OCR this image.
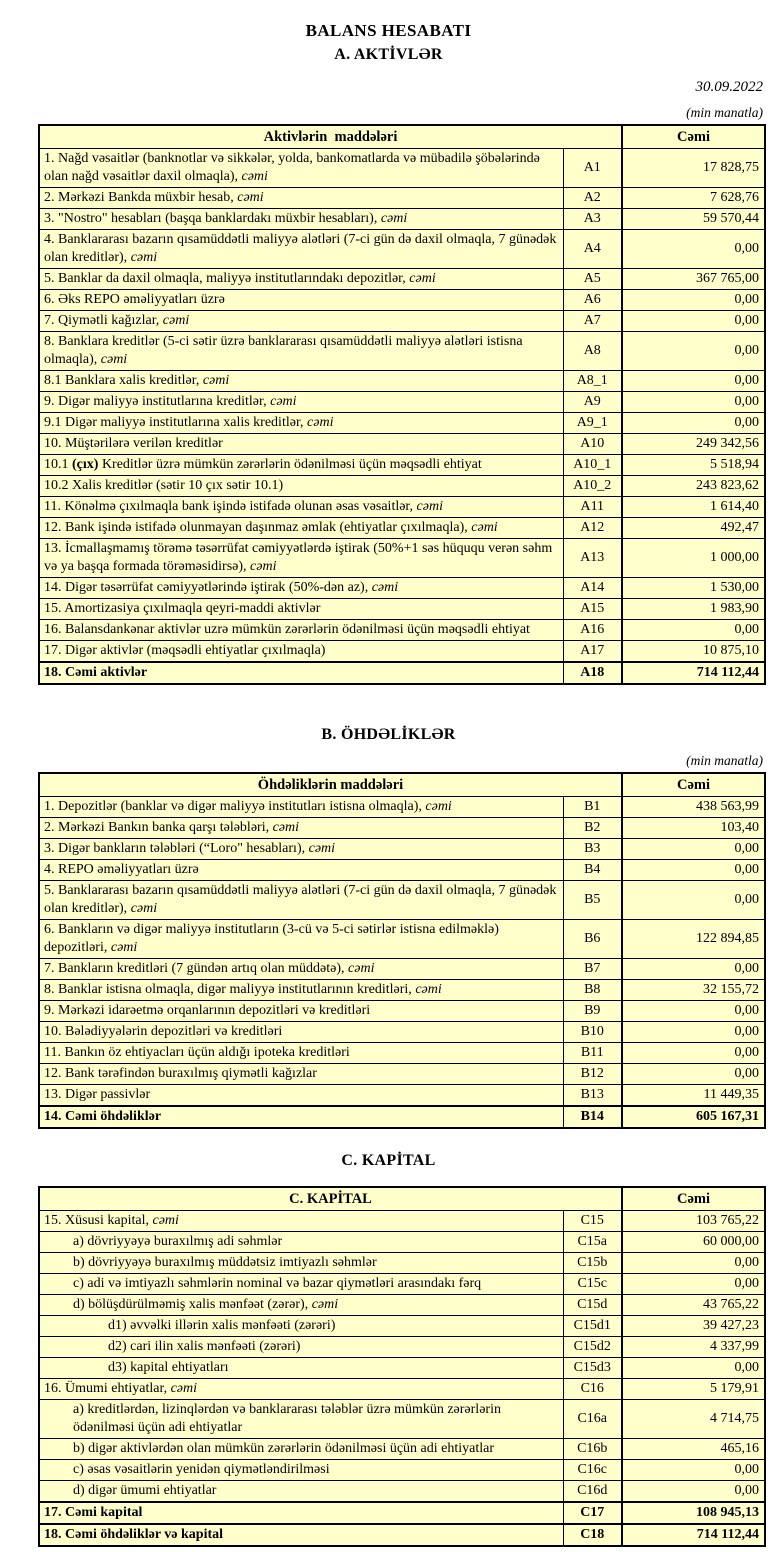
BALANS HESABATI
A. AKTİVLƏR
30.09.2022
(min manatla)
Aktivlərin  maddələri		Cəmi
1. Nağd vəsaitlər (banknotlar və sikkələr, yolda, bankomatlarda və mübadilə şöbələrində olan nağd vəsaitlər daxil olmaqla), cəmi	A1	17 828,75
2. Mərkəzi Bankda müxbir hesab, cəmi	A2	7 628,76
3. "Nostro" hesabları (başqa banklardakı müxbir hesabları), cəmi	A3	59 570,44
4. Banklararası bazarın qısamüddətli maliyyə alətləri (7-ci gün də daxil olmaqla, 7 günədək olan kreditlər), cəmi	A4	0,00
5. Banklar da daxil olmaqla, maliyyə institutlarındakı depozitlər, cəmi	A5	367 765,00
6. Əks REPO əməliyyatları üzrə	A6	0,00
7. Qiymətli kağızlar, cəmi	A7	0,00
8. Banklara kreditlər (5-ci sətir üzrə banklararası qısamüddətli maliyyə alətləri istisna olmaqla), cəmi	A8	0,00
8.1 Banklara xalis kreditlər, cəmi	A8_1	0,00
9. Digər maliyyə institutlarına kreditlər, cəmi	A9	0,00
9.1 Digər maliyyə institutlarına xalis kreditlər, cəmi	A9_1	0,00
10. Müştərilərə verilən kreditlər	A10	249 342,56
10.1 (çıx) Kreditlər üzrə mümkün zərərlərin ödənilməsi üçün məqsədli ehtiyat	A10_1	5 518,94
10.2 Xalis kreditlər (sətir 10 çıx sətir 10.1)	A10_2	243 823,62
11. Könəlmə çıxılmaqla bank işində istifadə olunan əsas vəsaitlər, cəmi	A11	1 614,40
12. Bank işində istifadə olunmayan daşınmaz əmlak (ehtiyatlar çıxılmaqla), cəmi	A12	492,47
13. İcmallaşmamış törəmə təsərrüfat cəmiyyətlərdə iştirak (50%+1 səs hüququ verən səhm və ya başqa formada törəməsidirsə), cəmi	A13	1 000,00
14. Digər təsərrüfat cəmiyyətlərində iştirak (50%-dən az), cəmi	A14	1 530,00
15. Amortizasiya çıxılmaqla qeyri-maddi aktivlər	A15	1 983,90
16. Balansdankənar aktivlər uzrə mümkün zərərlərin ödənilməsi üçün məqsədli ehtiyat	A16	0,00
17. Digər aktivlər (məqsədli ehtiyatlar çıxılmaqla)	A17	10 875,10
18. Cəmi aktivlər	A18	714 112,44
B. ÖHDƏLİKLƏR
(min manatla)
Öhdəliklərin maddələri		Cəmi
1. Depozitlər (banklar və digər maliyyə institutları istisna olmaqla), cəmi	B1	438 563,99
2. Mərkəzi Bankın banka qarşı tələbləri, cəmi	B2	103,40
3. Digər bankların tələbləri (“Loro" hesabları), cəmi	B3	0,00
4. REPO əməliyyatları üzrə	B4	0,00
5. Banklararası bazarın qısamüddətli maliyyə alətləri (7-ci gün də daxil olmaqla, 7 günədək olan kreditlər), cəmi	B5	0,00
6. Bankların və digər maliyyə institutların (3-cü və 5-ci sətirlər istisna edilməklə) depozitləri, cəmi	B6	122 894,85
7. Bankların kreditləri (7 gündən artıq olan müddətə), cəmi	B7	0,00
8. Banklar istisna olmaqla, digər maliyyə institutlarının kreditləri, cəmi	B8	32 155,72
9. Mərkəzi idarəetmə orqanlarının depozitləri və kreditləri	B9	0,00
10. Bələdiyyələrin depozitləri və kreditləri	B10	0,00
11. Bankın öz ehtiyacları üçün aldığı ipoteka kreditləri	B11	0,00
12. Bank tərəfindən buraxılmış qiymətli kağızlar	B12	0,00
13. Digər passivlər	B13	11 449,35
14. Cəmi öhdəliklər	B14	605 167,31
C. KAPİTAL
C. KAPİTAL		Cəmi
15. Xüsusi kapital, cəmi	C15	103 765,22
a) dövriyyəyə buraxılmış adi səhmlər	C15a	60 000,00
b) dövriyyəyə buraxılmış müddətsiz imtiyazlı səhmlər	C15b	0,00
c) adi və imtiyazlı səhmlərin nominal və bazar qiymətləri arasındakı fərq	C15c	0,00
d) bölüşdürülməmiş xalis mənfəət (zərər), cəmi	C15d	43 765,22
d1) əvvəlki illərin xalis mənfəəti (zərəri)	C15d1	39 427,23
d2) cari ilin xalis mənfəəti (zərəri)	C15d2	4 337,99
d3) kapital ehtiyatları	C15d3	0,00
16. Ümumi ehtiyatlar, cəmi	C16	5 179,91
a) kreditlərdən, lizinqlərdən və banklararası tələblər üzrə mümkün zərərlərin ödənilməsi üçün adi ehtiyatlar	C16a	4 714,75
b) digər aktivlərdən olan mümkün zərərlərin ödənilməsi üçün adi ehtiyatlar	C16b	465,16
c) əsas vəsaitlərin yenidən qiymətləndirilməsi	C16c	0,00
d) digər ümumi ehtiyatlar	C16d	0,00
17. Cəmi kapital	C17	108 945,13
18. Cəmi öhdəliklər və kapital	C18	714 112,44
